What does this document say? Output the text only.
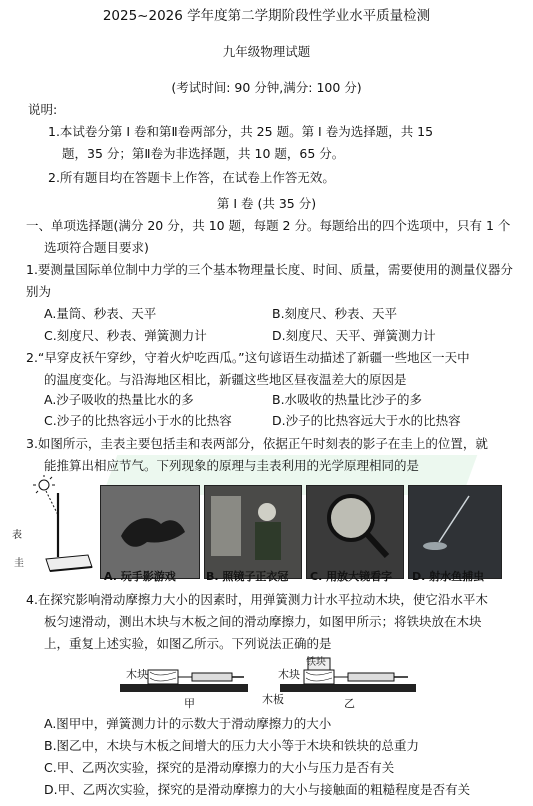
2025~2026 学年度第二学期阶段性学业水平质量检测
九年级物理试题
(考试时间: 90 分钟,满分: 100 分)
说明:
1.本试卷分第 I 卷和第Ⅱ卷两部分，共 25 题。第 I 卷为选择题，共 15
题，35 分；第Ⅱ卷为非选择题，共 10 题，65 分。
2.所有题目均在答题卡上作答，在试卷上作答无效。
第 I 卷 (共 35 分)
一、单项选择题(满分 20 分，共 10 题，每题 2 分。每题给出的四个选项中，只有 1 个
选项符合题目要求)
1.要测量国际单位制中力学的三个基本物理量长度、时间、质量，需要使用的测量仪器分
别为
A.量筒、秒表、天平	B.刻度尺、秒表、天平
C.刻度尺、秒表、弹簧测力计	D.刻度尺、天平、弹簧测力计
2.“早穿皮袄午穿纱，守着火炉吃西瓜。”这句谚语生动描述了新疆一些地区一天中
的温度变化。与沿海地区相比，新疆这些地区昼夜温差大的原因是
A.沙子吸收的热量比水的多	B.水吸收的热量比沙子的多
C.沙子的比热容远小于水的比热容	D.沙子的比热容远大于水的比热容
3.如图所示，圭表主要包括圭和表两部分，依据正午时刻表的影子在圭上的位置，就
能推算出相应节气。下列现象的原理与圭表利用的光学原理相同的是
表
圭
A. 玩手影游戏	B. 照镜子正衣冠 C. 用放大镜看字 D. 射水鱼捕虫
4.在探究影响滑动摩擦力大小的因素时，用弹簧测力计水平拉动木块，使它沿水平木
板匀速滑动，测出木块与木板之间的滑动摩擦力，如图甲所示；将铁块放在木块
上，重复上述实验，如图乙所示。下列说法正确的是
木块	木块
铁块
木板
甲	乙
A.图甲中，弹簧测力计的示数大于滑动摩擦力的大小
B.图乙中，木块与木板之间增大的压力大小等于木块和铁块的总重力
C.甲、乙两次实验，探究的是滑动摩擦力的大小与压力是否有关
D.甲、乙两次实验，探究的是滑动摩擦力的大小与接触面的粗糙程度是否有关
